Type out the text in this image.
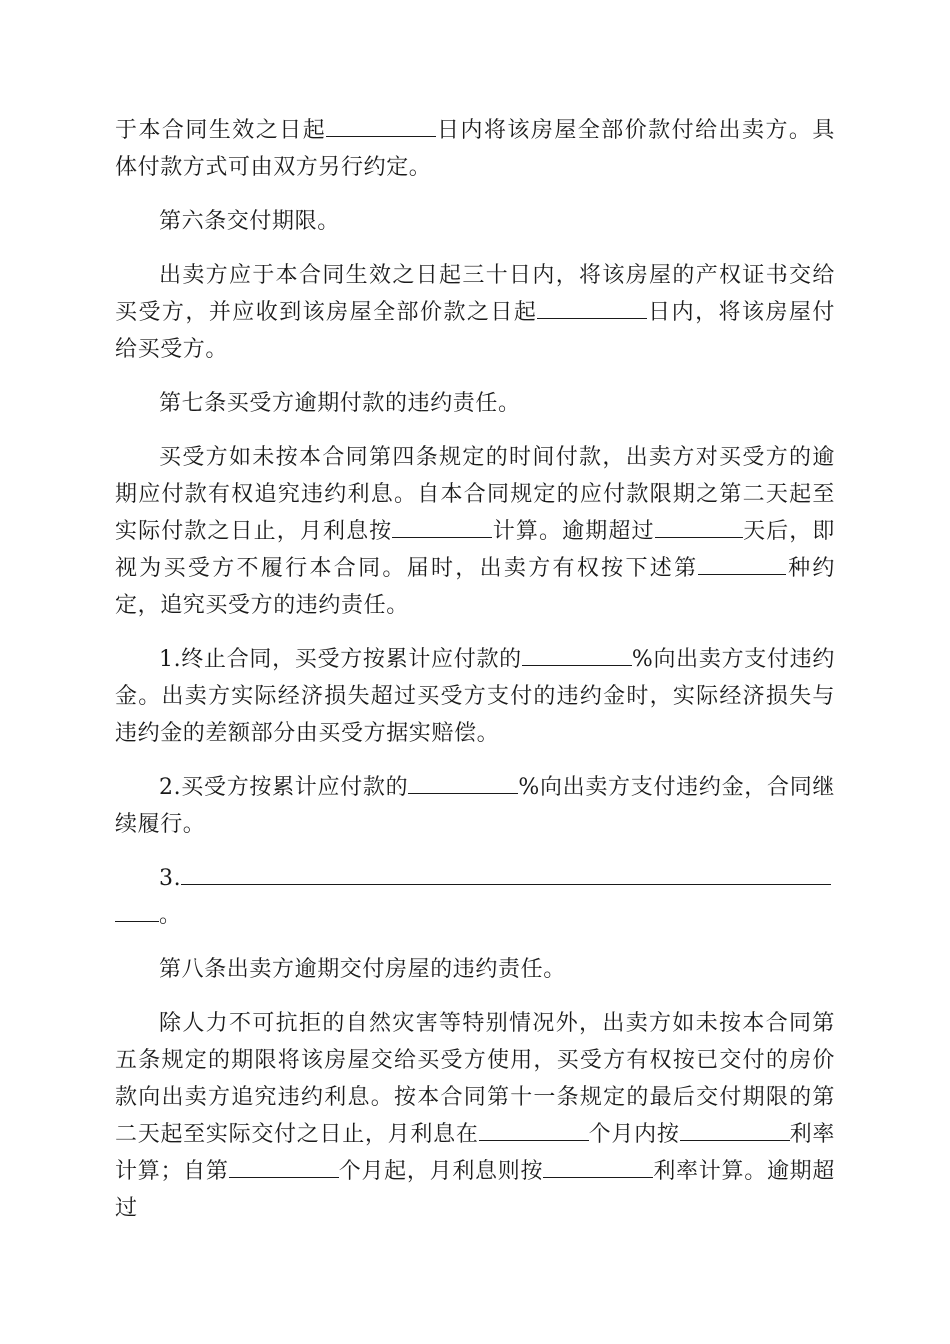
于本合同生效之日起	日内将该房屋全部价款付给出卖方。具体付款方式可由双方另行约定。

第六条交付期限。

出卖方应于本合同生效之日起三十日内，将该房屋的产权证书交给买受方，并应收到该房屋全部价款之日起	日内，将该房屋付给买受方。

第七条买受方逾期付款的违约责任。

买受方如未按本合同第四条规定的时间付款，出卖方对买受方的逾期应付款有权追究违约利息。自本合同规定的应付款限期之第二天起至实际付款之日止，月利息按	计算。逾期超过	天后，即视为买受方不履行本合同。届时，出卖方有权按下述第	种约定，追究买受方的违约责任。

1.终止合同，买受方按累计应付款的	%向出卖方支付违约金。出卖方实际经济损失超过买受方支付的违约金时，实际经济损失与违约金的差额部分由买受方据实赔偿。

2.买受方按累计应付款的	%向出卖方支付违约金，合同继续履行。

3.。

第八条出卖方逾期交付房屋的违约责任。

除人力不可抗拒的自然灾害等特别情况外，出卖方如未按本合同第五条规定的期限将该房屋交给买受方使用，买受方有权按已交付的房价款向出卖方追究违约利息。按本合同第十一条规定的最后交付期限的第二天起至实际交付之日止，月利息在	个月内按	利率计算；自第	个月起，月利息则按	利率计算。逾期超过
